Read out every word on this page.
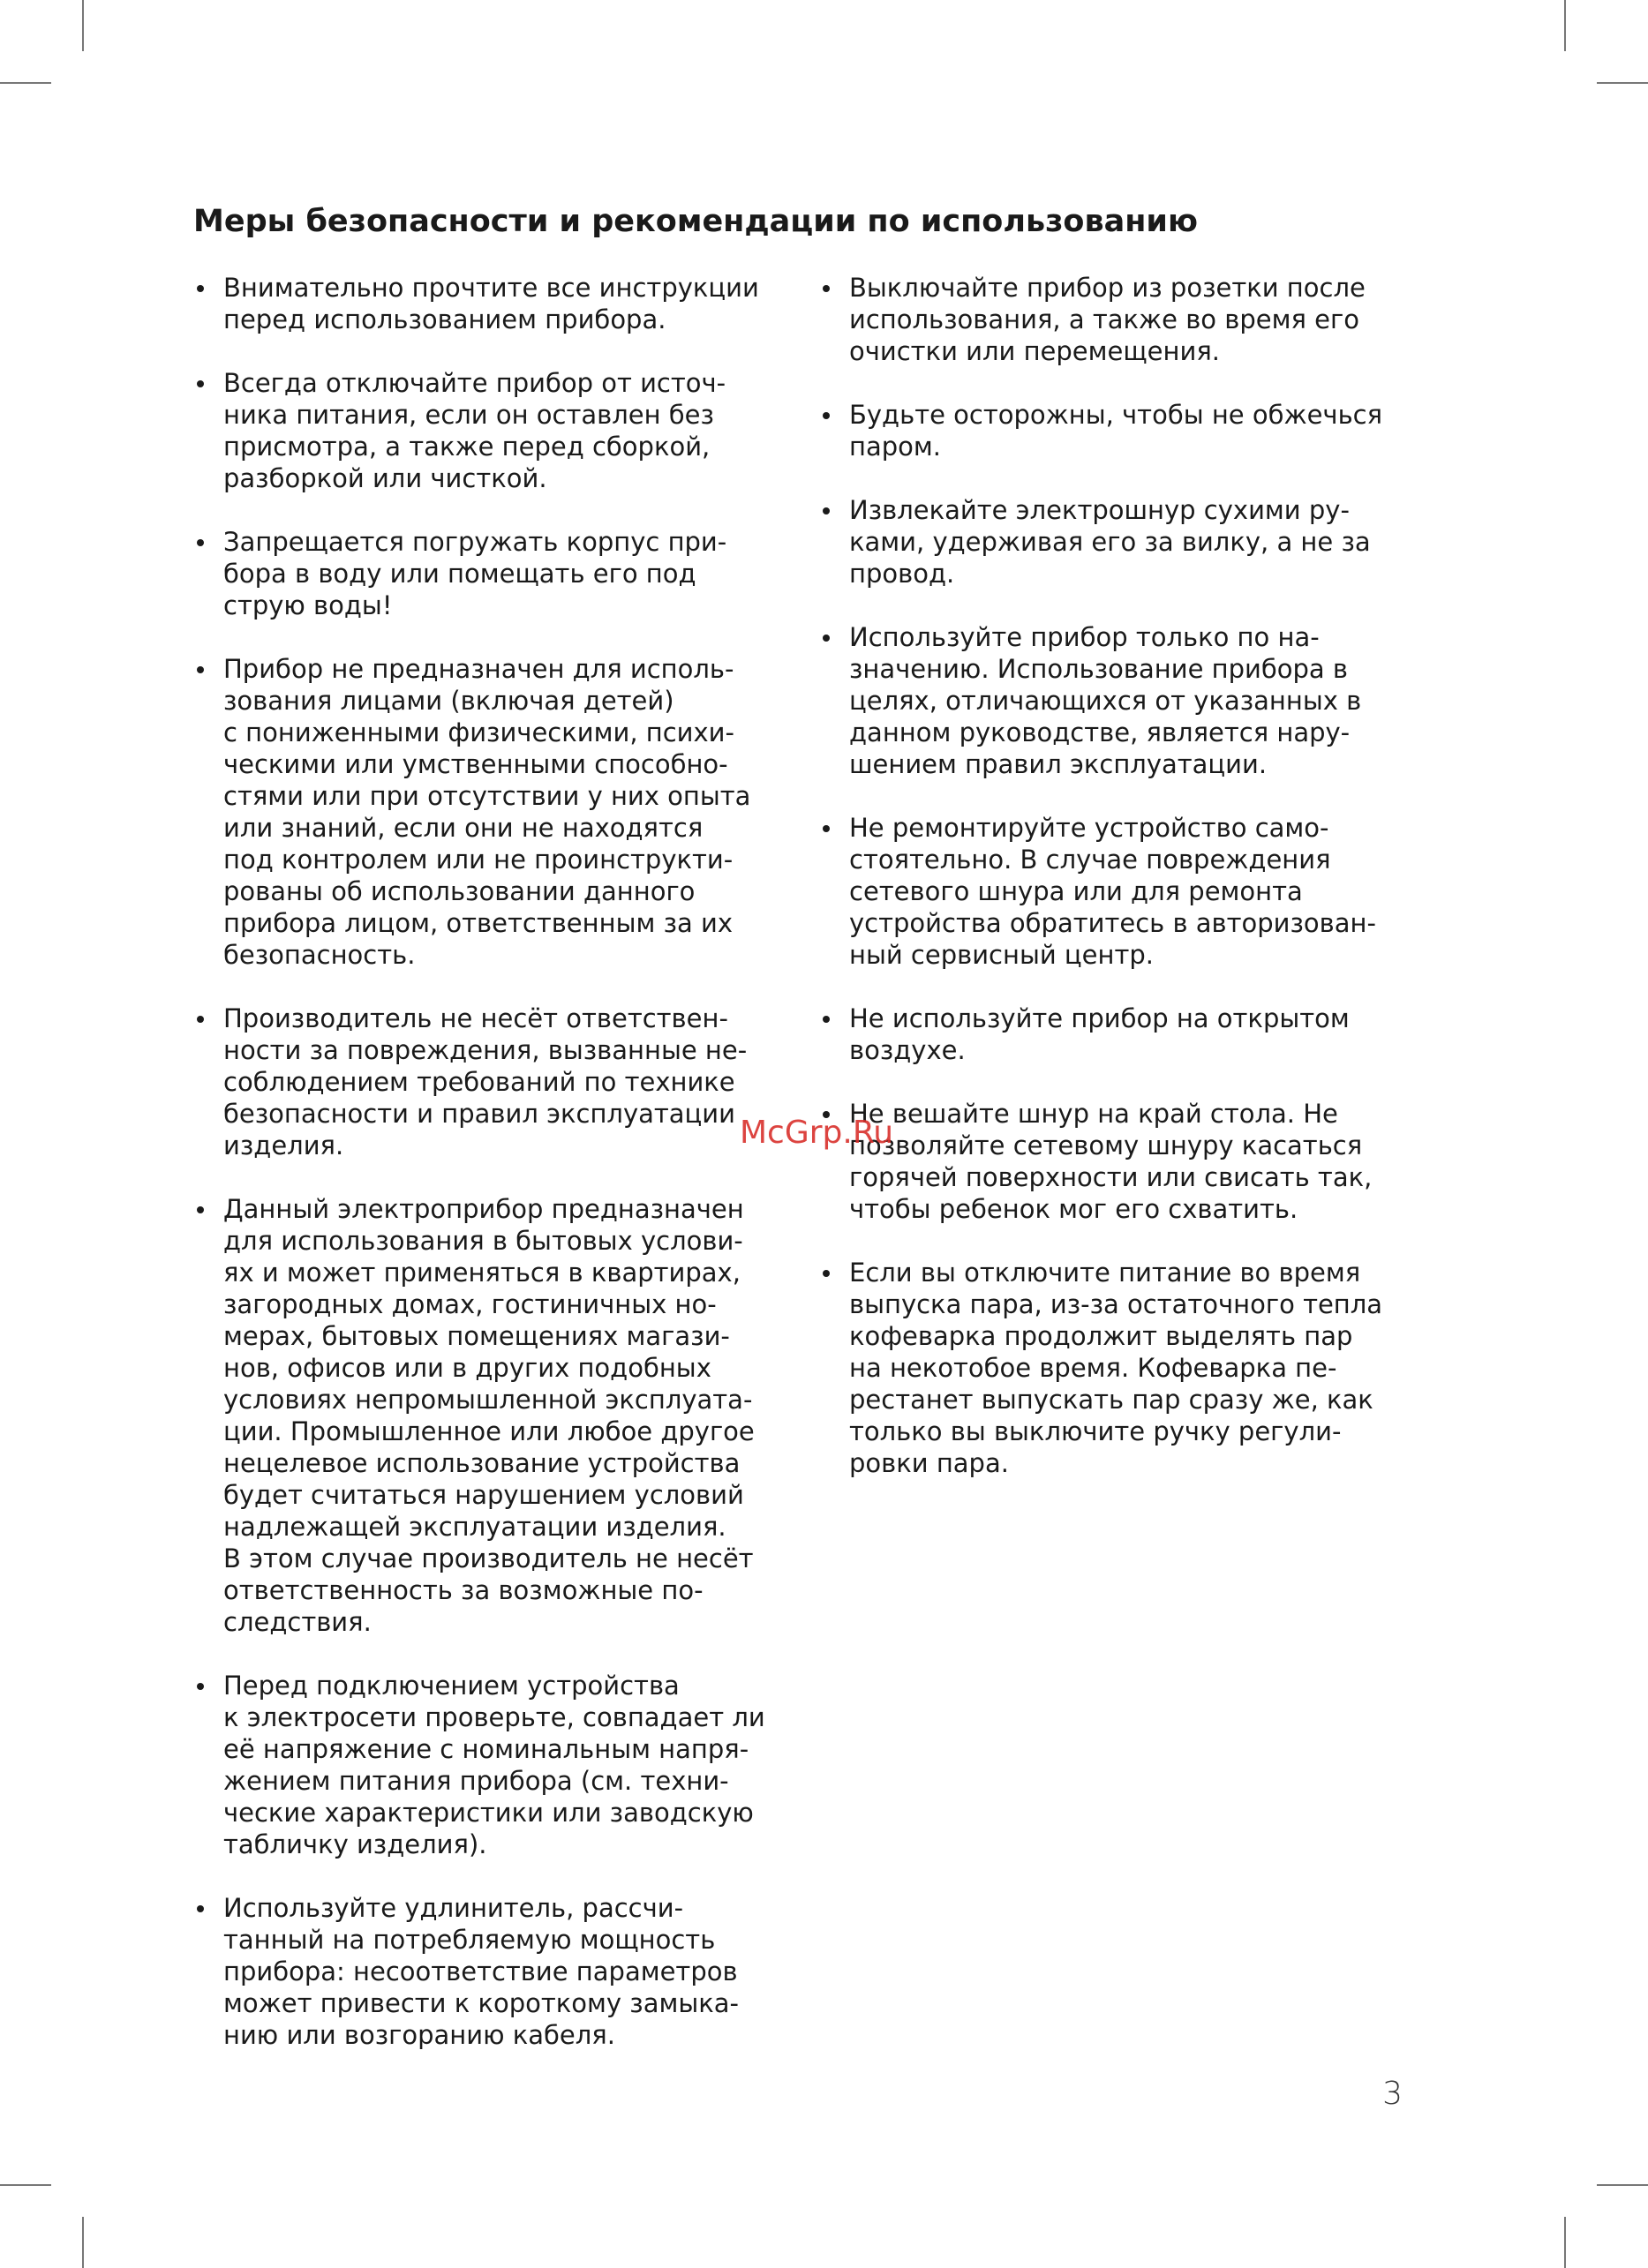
Меры безопасности и рекомендации по использованию
Внимательно прочтите все инструкции
перед использованием прибора.
Всегда отключайте прибор от источ-
ника питания, если он оставлен без
присмотра, а также перед сборкой,
разборкой или чисткой.
Запрещается погружать корпус при-
бора в воду или помещать его под
струю воды!
Прибор не предназначен для исполь-
зования лицами (включая детей)
с пониженными физическими, психи-
ческими или умственными способно-
стями или при отсутствии у них опыта
или знаний, если они не находятся
под контролем или не проинструкти-
рованы об использовании данного
прибора лицом, ответственным за их
безопасность.
Производитель не несёт ответствен-
ности за повреждения, вызванные не-
соблюдением требований по технике
безопасности и правил эксплуатации
изделия.
Данный электроприбор предназначен
для использования в бытовых услови-
ях и может применяться в квартирах,
загородных домах, гостиничных но-
мерах, бытовых помещениях магази-
нов, офисов или в других подобных
условиях непромышленной эксплуата-
ции. Промышленное или любое другое
нецелевое использование устройства
будет считаться нарушением условий
надлежащей эксплуатации изделия.
В этом случае производитель не несёт
ответственность за возможные по-
следствия.
Перед подключением устройства
к электросети проверьте, совпадает ли
её напряжение с номинальным напря-
жением питания прибора (см. техни-
ческие характеристики или заводскую
табличку изделия).
Используйте удлинитель, рассчи-
танный на потребляемую мощность
прибора: несоответствие параметров
может привести к короткому замыка-
нию или возгоранию кабеля.
Выключайте прибор из розетки после
использования, а также во время его
очистки или перемещения.
Будьте осторожны, чтобы не обжечься
паром.
Извлекайте электрошнур сухими ру-
ками, удерживая его за вилку, а не за
провод.
Используйте прибор только по на-
значению. Использование прибора в
целях, отличающихся от указанных в
данном руководстве, является нару-
шением правил эксплуатации.
Не ремонтируйте устройство само-
стоятельно. В случае повреждения
сетевого шнура или для ремонта
устройства обратитесь в авторизован-
ный сервисный центр.
Не используйте прибор на открытом
воздухе.
Не вешайте шнур на край стола. Не
позволяйте сетевому шнуру касаться
горячей поверхности или свисать так,
чтобы ребенок мог его схватить.
Если вы отключите питание во время
выпуска пара, из-за остаточного тепла
кофеварка продолжит выделять пар
на некотобое время. Кофеварка пе-
рестанет выпускать пар сразу же, как
только вы выключите ручку регули-
ровки пара.
McGrp.Ru
3
